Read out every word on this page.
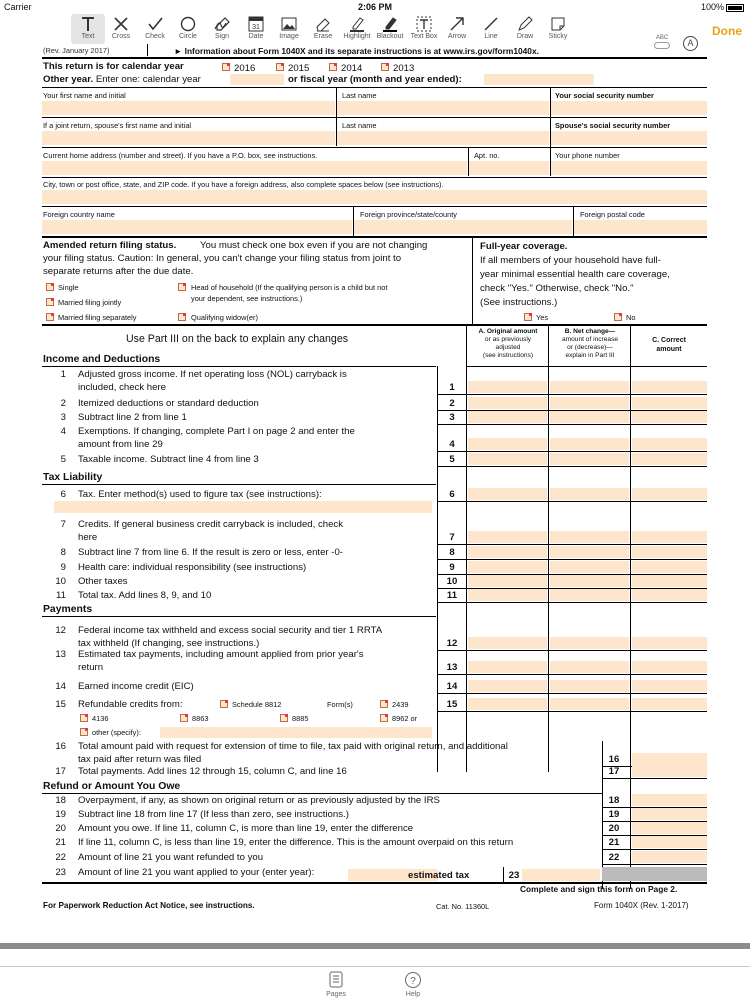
Carrier	2:06 PM	100%
Text	Cross	Check	Circle	Sign
31
Date	Image	Erase	Highlight Blackout	Text Box	Arrow	Line	Draw	Sticky	ABC	A
Done
(Rev. January 2017)	► Information about Form 1040X and its separate instructions is at www.irs.gov/form1040x.
This return is for calendar year	2016	2015	2014	2013
Other year. Enter one: calendar year	or fiscal year (month and year ended):
Your first name and initial	Last name	Your social security number
If a joint return, spouse's first name and initial	Last name	Spouse's social security number
Current home address (number and street). If you have a P.O. box, see instructions.	Apt. no.	Your phone number
City, town or post office, state, and ZIP code. If you have a foreign address, also complete spaces below (see instructions).
Foreign country name	Foreign province/state/county	Foreign postal code
Amended return filing status. You must check one box even if you are not changing
your filing status. Caution: In general, you can't change your filing status from joint to
separate returns after the due date.
Single
Married filing jointly
Married filing separately
Head of household (If the qualifying person is a child but not
your dependent, see instructions.)
Qualifying widow(er)
Full-year coverage.
If all members of your household have full-
year minimal essential health care coverage,
check "Yes." Otherwise, check "No."
(See instructions.)
Yes	No
Use Part III on the back to explain any changes
A. Original amount
or as previously
adjusted
(see instructions)
B. Net change—
amount of increase
or (decrease)—
explain in Part III
C. Correct
amount
Income and Deductions
Tax Liability
Payments
Refund or Amount You Owe
1 Adjusted gross income. If net operating loss (NOL) carryback is
included, check here	1
2 Itemized deductions or standard deduction	2
3 Subtract line 2 from line 1	3
4 Exemptions. If changing, complete Part I on page 2 and enter the
amount from line 29	4
5 Taxable income. Subtract line 4 from line 3	5
6 Tax. Enter method(s) used to figure tax (see instructions):	6
7 Credits. If general business credit carryback is included, check
here	7
8 Subtract line 7 from line 6. If the result is zero or less, enter -0-	8
9 Health care: individual responsibility (see instructions)	9
10 Other taxes	10
11 Total tax. Add lines 8, 9, and 10	11
12 Federal income tax withheld and excess social security and tier 1 RRTA
tax withheld (If changing, see instructions.)	12
13 Estimated tax payments, including amount applied from prior year's
return	13
14 Earned income credit (EIC)	14
15 Refundable credits from:	15
16 Total amount paid with request for extension of time to file, tax paid with original return, and additional
tax paid after return was filed	16
17 Total payments. Add lines 12 through 15, column C, and line 16	17
18 Overpayment, if any, as shown on original return or as previously adjusted by the IRS	18
19 Subtract line 18 from line 17 (If less than zero, see instructions.)	19
20 Amount you owe. If line 11, column C, is more than line 19, enter the difference	20
21 If line 11, column C, is less than line 19, enter the difference. This is the amount overpaid on this return	21
22 Amount of line 21 you want refunded to you	22
23 Amount of line 21 you want applied to your (enter year):
Schedule 8812	Form(s)	2439
4136	8863	8885	8962 or
other (specify):
estimated tax	23
Complete and sign this form on Page 2.
For Paperwork Reduction Act Notice, see instructions.	Cat. No. 11360L	Form 1040X (Rev. 1-2017)
Pages
?
Help
